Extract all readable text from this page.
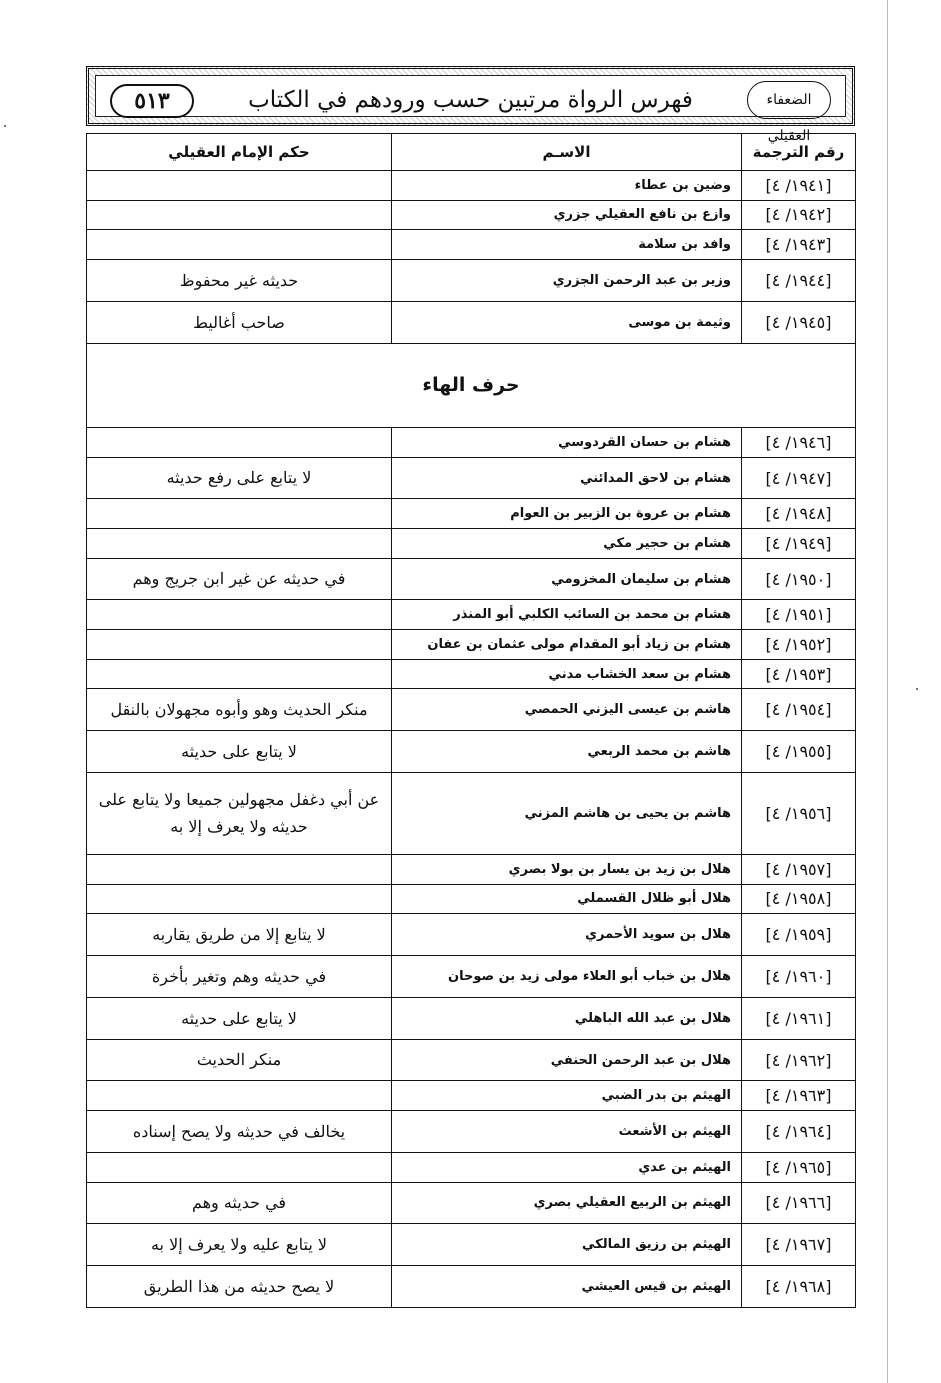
٥١٣	فهرس الرواة مرتبين حسب ورودهم في الكتاب	الضعفاء العقيلي
رقم الترجمة	الاسـم	حكم الإمام العقيلي
[١٩٤١/ ٤]	وضين بن عطاء	
[١٩٤٢/ ٤]	وازع بن نافع العقيلي جزري	
[١٩٤٣/ ٤]	وافد بن سلامة	
[١٩٤٤/ ٤]	وزير بن عبد الرحمن الجزري	حديثه غير محفوظ
[١٩٤٥/ ٤]	وثيمة بن موسى	صاحب أغاليط
حرف الهاء		
[١٩٤٦/ ٤]	هشام بن حسان القردوسي	
[١٩٤٧/ ٤]	هشام بن لاحق المدائني	لا يتابع على رفع حديثه
[١٩٤٨/ ٤]	هشام بن عروة بن الزبير بن العوام	
[١٩٤٩/ ٤]	هشام بن حجير مكي	
[١٩٥٠/ ٤]	هشام بن سليمان المخزومي	في حديثه عن غير ابن جريج وهم
[١٩٥١/ ٤]	هشام بن محمد بن السائب الكلبي أبو المنذر	
[١٩٥٢/ ٤]	هشام بن زياد أبو المقدام مولى عثمان بن عفان	
[١٩٥٣/ ٤]	هشام بن سعد الخشاب مدني	
[١٩٥٤/ ٤]	هاشم بن عيسى اليزني الحمصي	منكر الحديث وهو وأبوه مجهولان بالنقل
[١٩٥٥/ ٤]	هاشم بن محمد الربعي	لا يتابع على حديثه
[١٩٥٦/ ٤]	هاشم بن يحيى بن هاشم المزني	عن أبي دغفل مجهولين جميعا ولا يتابع على حديثه ولا يعرف إلا به
[١٩٥٧/ ٤]	هلال بن زيد بن يسار بن بولا بصري	
[١٩٥٨/ ٤]	هلال أبو ظلال القسملي	
[١٩٥٩/ ٤]	هلال بن سويد الأحمري	لا يتابع إلا من طريق يقاربه
[١٩٦٠/ ٤]	هلال بن خباب أبو العلاء مولى زيد بن صوحان	في حديثه وهم وتغير بأخرة
[١٩٦١/ ٤]	هلال بن عبد الله الباهلي	لا يتابع على حديثه
[١٩٦٢/ ٤]	هلال بن عبد الرحمن الحنفي	منكر الحديث
[١٩٦٣/ ٤]	الهيثم بن بدر الضبي	
[١٩٦٤/ ٤]	الهيثم بن الأشعث	يخالف في حديثه ولا يصح إسناده
[١٩٦٥/ ٤]	الهيثم بن عدي	
[١٩٦٦/ ٤]	الهيثم بن الربيع العقيلي بصري	في حديثه وهم
[١٩٦٧/ ٤]	الهيثم بن رزيق المالكي	لا يتابع عليه ولا يعرف إلا به
[١٩٦٨/ ٤]	الهيثم بن قيس العيشي	لا يصح حديثه من هذا الطريق
